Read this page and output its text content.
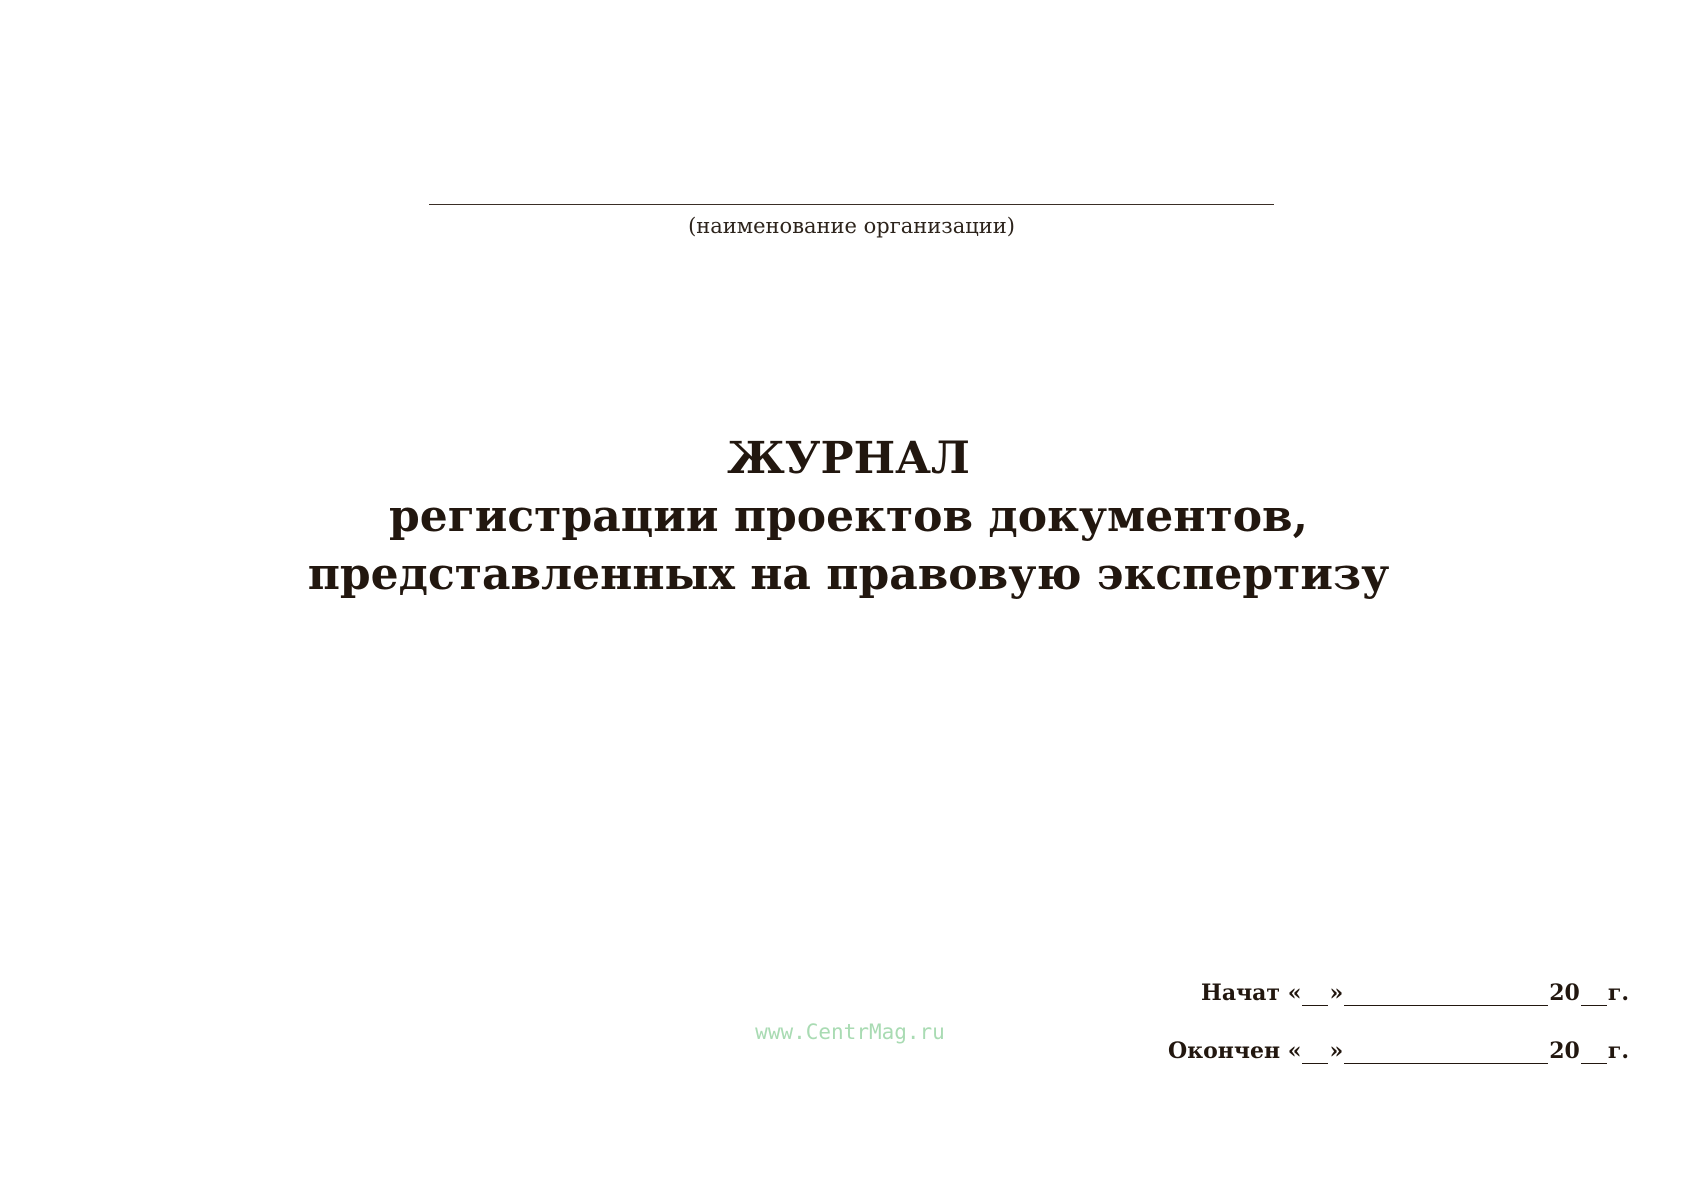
(наименование организации)
ЖУРНАЛ
регистрации проектов документов,
представленных на правовую экспертизу
www.CentrMag.ru
Начат
« »	20 г.
Окончен
« »	20 г.
